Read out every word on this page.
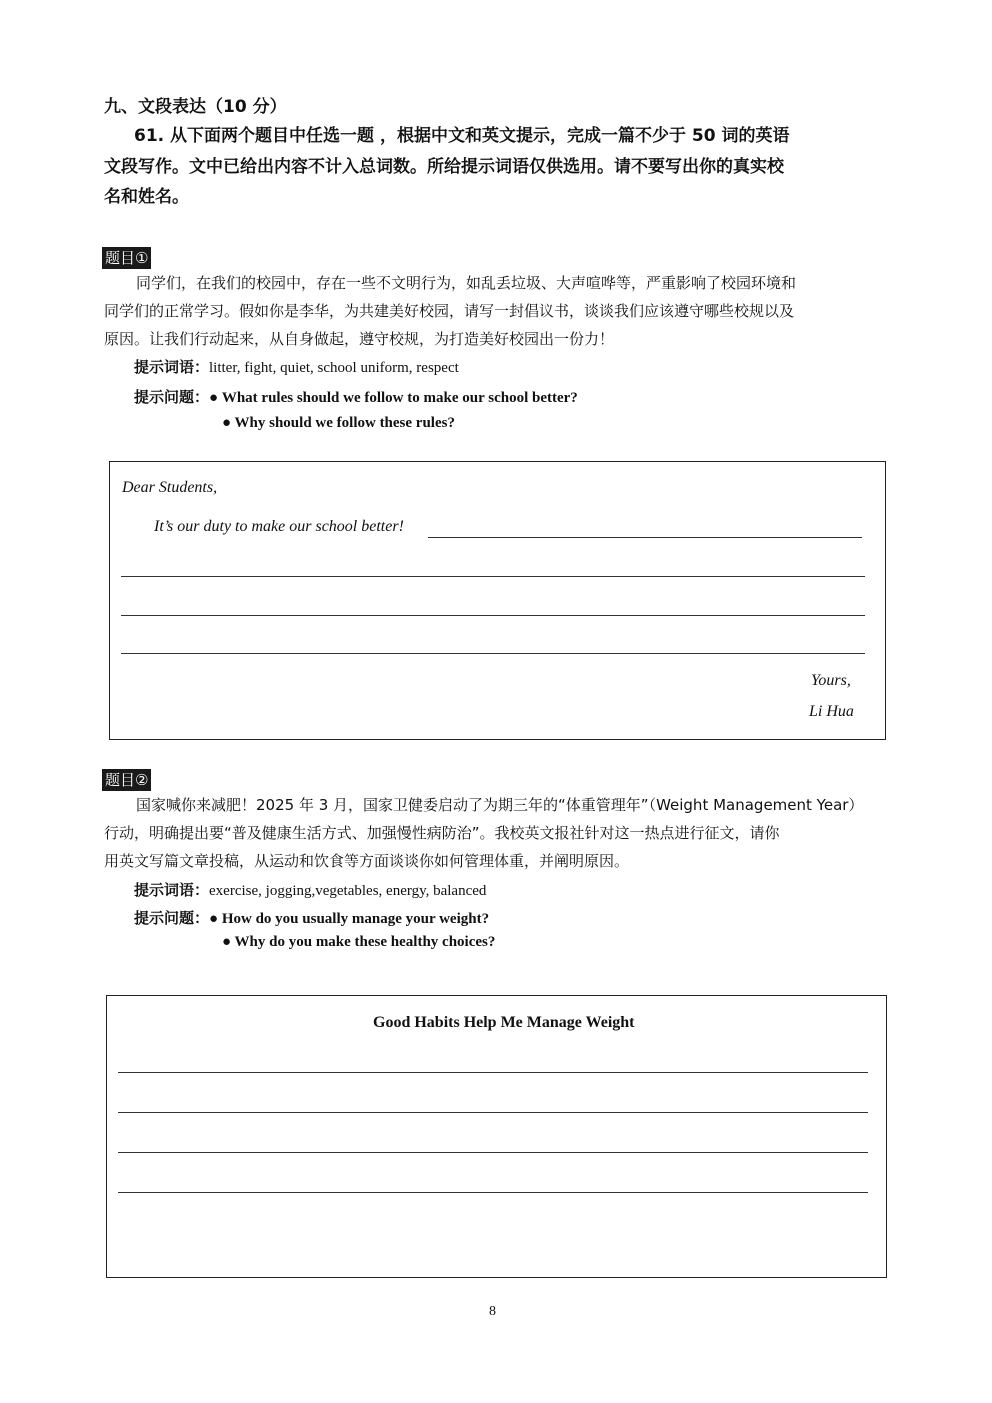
九、文段表达（10 分）
61. 从下面两个题目中任选一题 ，根据中文和英文提示，完成一篇不少于 50 词的英语
文段写作。文中已给出内容不计入总词数。所给提示词语仅供选用。请不要写出你的真实校
名和姓名。
题目①
同学们，在我们的校园中，存在一些不文明行为，如乱丢垃圾、大声喧哗等，严重影响了校园环境和
同学们的正常学习。假如你是李华，为共建美好校园，请写一封倡议书，谈谈我们应该遵守哪些校规以及
原因。让我们行动起来，从自身做起，遵守校规，为打造美好校园出一份力！
提示词语：litter, fight, quiet, school uniform, respect
提示问题：● What rules should we follow to make our school better?
● Why should we follow these rules?
Dear Students,
It’s our duty to make our school better!
Yours,
Li Hua
题目②
国家喊你来减肥！2025 年 3 月，国家卫健委启动了为期三年的“体重管理年”（Weight Management Year）
行动，明确提出要“普及健康生活方式、加强慢性病防治”。我校英文报社针对这一热点进行征文，请你
用英文写篇文章投稿，从运动和饮食等方面谈谈你如何管理体重，并阐明原因。
提示词语：exercise, jogging,vegetables, energy, balanced
提示问题：● How do you usually manage your weight?
● Why do you make these healthy choices?
Good Habits Help Me Manage Weight
8
